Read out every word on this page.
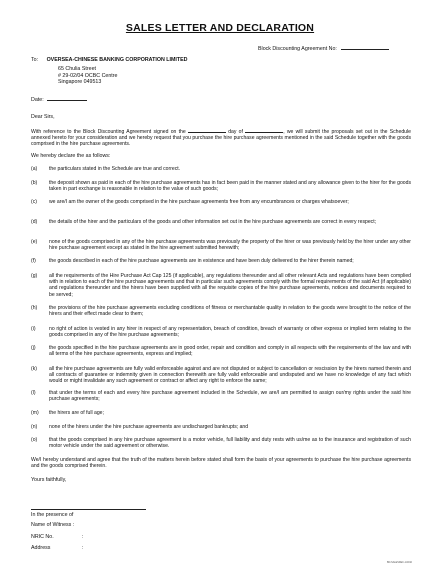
SALES LETTER AND DECLARATION
Block Discounting Agreement No:
To: OVERSEA-CHINESE BANKING CORPORATION LIMITED
65 Chulia Street
# 29-02/04 OCBC Centre
Singapore 049513
Date:
Dear Sirs,
With reference to the Block Discounting Agreement signed on the	day of	, we will submit the proposals set out in the Schedule annexed hereto for your consideration and we hereby request that you purchase the hire purchase agreements mentioned in the said Schedule together with the goods comprised in the hire purchase agreements.
We hereby declare the as follows:
(a) the particulars stated in the Schedule are true and correct.
(b) the deposit shown as paid in each of the hire purchase agreements has in fact been paid in the manner stated and any allowance given to the hirer for the goods taken in part exchange is reasonable in relation to the value of such goods;
(c) we are/I am the owner of the goods comprised in the hire purchase agreements free from any encumbrances or charges whatsoever;
(d) the details of the hirer and the particulars of the goods and other information set out in the hire purchase agreements are correct in every respect;
(e) none of the goods comprised in any of the hire purchase agreements was previously the property of the hirer or was previously held by the hirer under any other hire purchase agreement except as stated in the hire agreement submitted herewith;
(f)	the goods described in each of the hire purchase agreements are in existence and have been duly delivered to the hirer therein named;
(g) all the requirements of the Hire Purchase Act Cap 125 (if applicable), any regulations thereunder and all other relevant Acts and regulations have been complied with in relation to each of the hire purchase agreements and that in particular such agreements comply with the formal requirements of the said Act (if applicable) and regulations thereunder and the hirers have been supplied with all the requisite copies of the hire purchase agreements, notices and documents required to be served;
(h) the provisions of the hire purchase agreements excluding conditions of fitness or merchantable quality in relation to the goods were brought to the notice of the hirers and their effect made clear to them;
(i)	no right of action is vested in any hirer in respect of any representation, breach of condition, breach of warranty or other express or implied term relating to the goods comprised in any of the hire purchase agreements;
(j)	the goods specified in the hire purchase agreements are in good order, repair and condition and comply in all respects with the requirements of the law and with all terms of the hire purchase agreements, express and implied;
(k) all the hire purchase agreements are fully valid enforceable against and are not disputed or subject to cancellation or rescission by the hirers named therein and all contracts of guarantee or indemnity given in connection therewith are fully valid enforceable and undisputed and we have no knowledge of any fact which would or might invalidate any such agreement or contract or affect any right to enforce the same;
(l)	that under the terms of each and every hire purchase agreement included in the Schedule, we are/I am permitted to assign our/my rights under the said hire purchase agreements;
(m) the hirers are of full age;
(n) none of the hirers under the hire purchase agreements are undischarged bankrupts; and
(o) that the goods comprised in any hire purchase agreement is a motor vehicle, full liability and duty rests with us/me as to the insurance and registration of such motor vehicle under the said agreement or otherwise.
We/I hereby understand and agree that the truth of the matters herein before stated shall form the basis of your agreements to purchase the hire purchase agreements and the goods comprised therein.
Yours faithfully,
In the presence of
Name of Witness :
NRIC No.	:
Address	:
BD-SALESDEC-1/2010
